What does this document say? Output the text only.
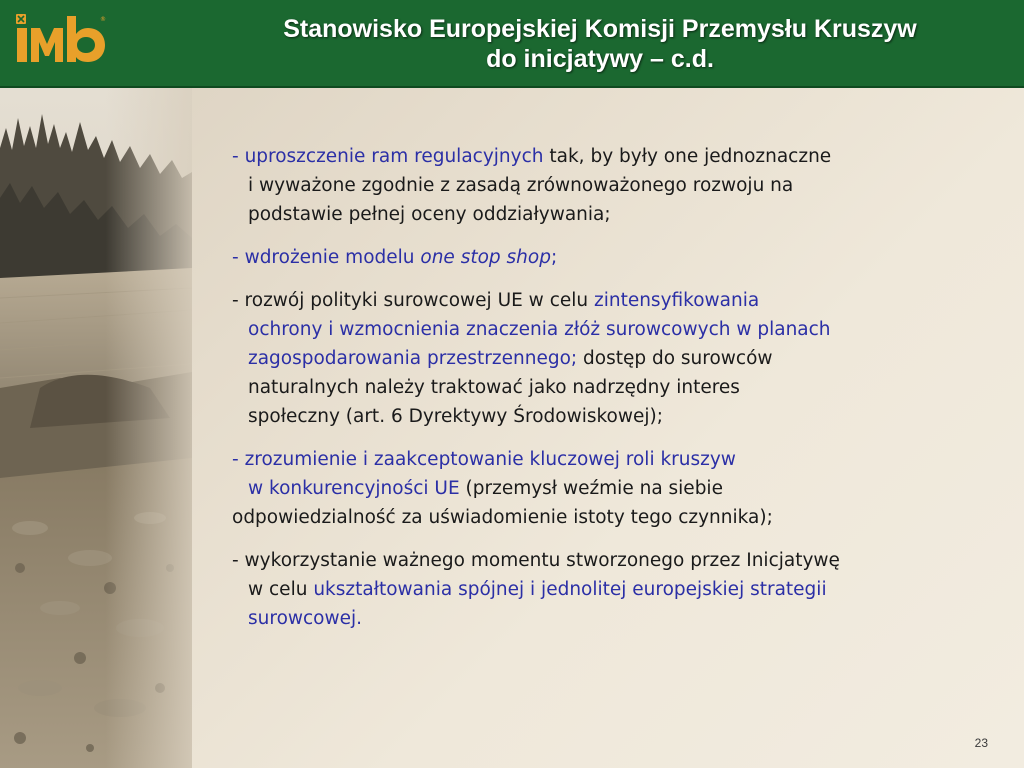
®	Stanowisko Europejskiej Komisji Przemysłu Kruszyw
do inicjatywy – c.d.
- uproszczenie ram regulacyjnych tak, by były one jednoznaczne
i wyważone zgodnie z zasadą zrównoważonego rozwoju na
podstawie pełnej oceny oddziaływania;
- wdrożenie modelu one stop shop;
- rozwój polityki surowcowej UE w celu zintensyfikowania
ochrony i wzmocnienia znaczenia złóż surowcowych w planach
zagospodarowania przestrzennego; dostęp do surowców
naturalnych należy traktować jako nadrzędny interes
społeczny (art. 6 Dyrektywy Środowiskowej);
- zrozumienie i zaakceptowanie kluczowej roli kruszyw
w konkurencyjności UE (przemysł weźmie na siebie
odpowiedzialność za uświadomienie istoty tego czynnika);
- wykorzystanie ważnego momentu stworzonego przez Inicjatywę
w celu ukształtowania spójnej i jednolitej europejskiej strategii
surowcowej.
23
